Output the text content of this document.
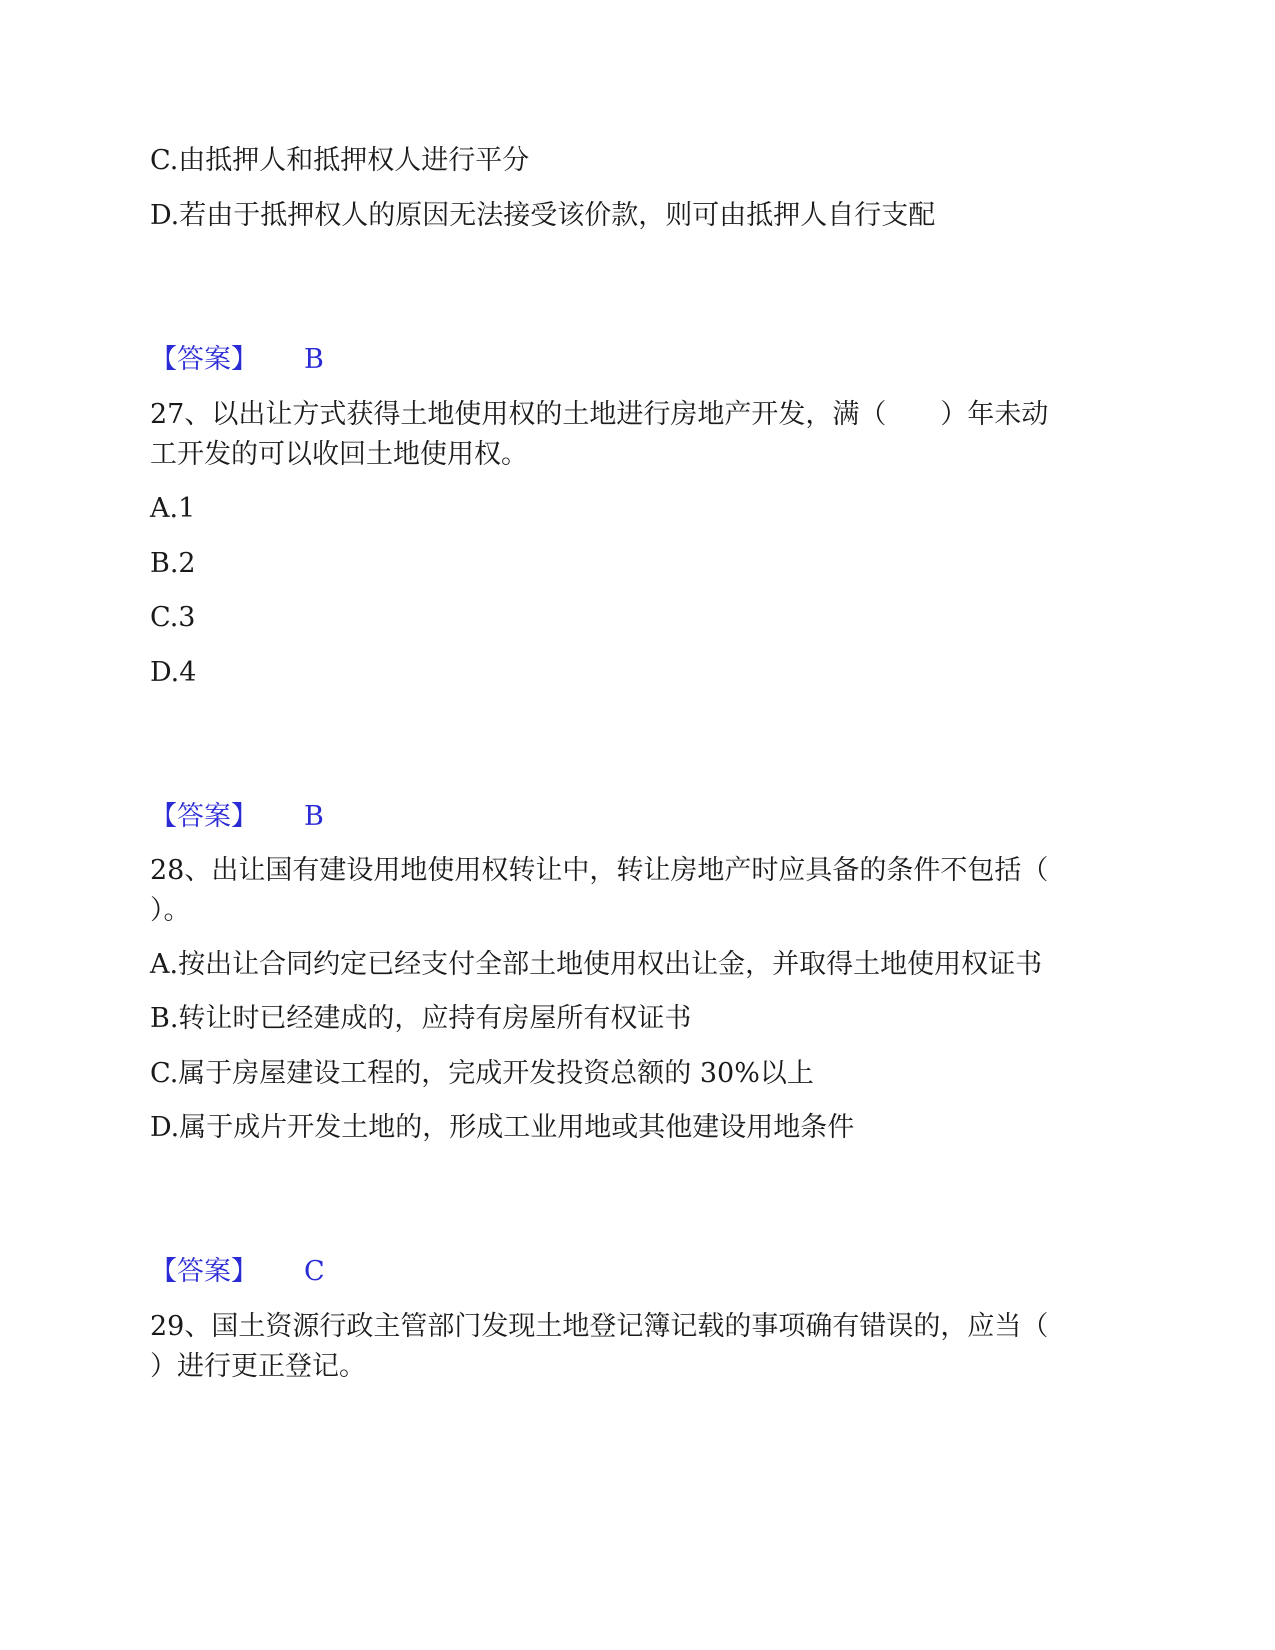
C.由抵押人和抵押权人进行平分
D.若由于抵押权人的原因无法接受该价款，则可由抵押人自行支配
【答案】 B
27、以出让方式获得土地使用权的土地进行房地产开发，满（　　）年未动
工开发的可以收回土地使用权。
A.1
B.2
C.3
D.4
【答案】 B
28、出让国有建设用地使用权转让中，转让房地产时应具备的条件不包括（
）。
A.按出让合同约定已经支付全部土地使用权出让金，并取得土地使用权证书
B.转让时已经建成的，应持有房屋所有权证书
C.属于房屋建设工程的，完成开发投资总额的 30%以上
D.属于成片开发土地的，形成工业用地或其他建设用地条件
【答案】 C
29、国土资源行政主管部门发现土地登记簿记载的事项确有错误的，应当（
）进行更正登记。
